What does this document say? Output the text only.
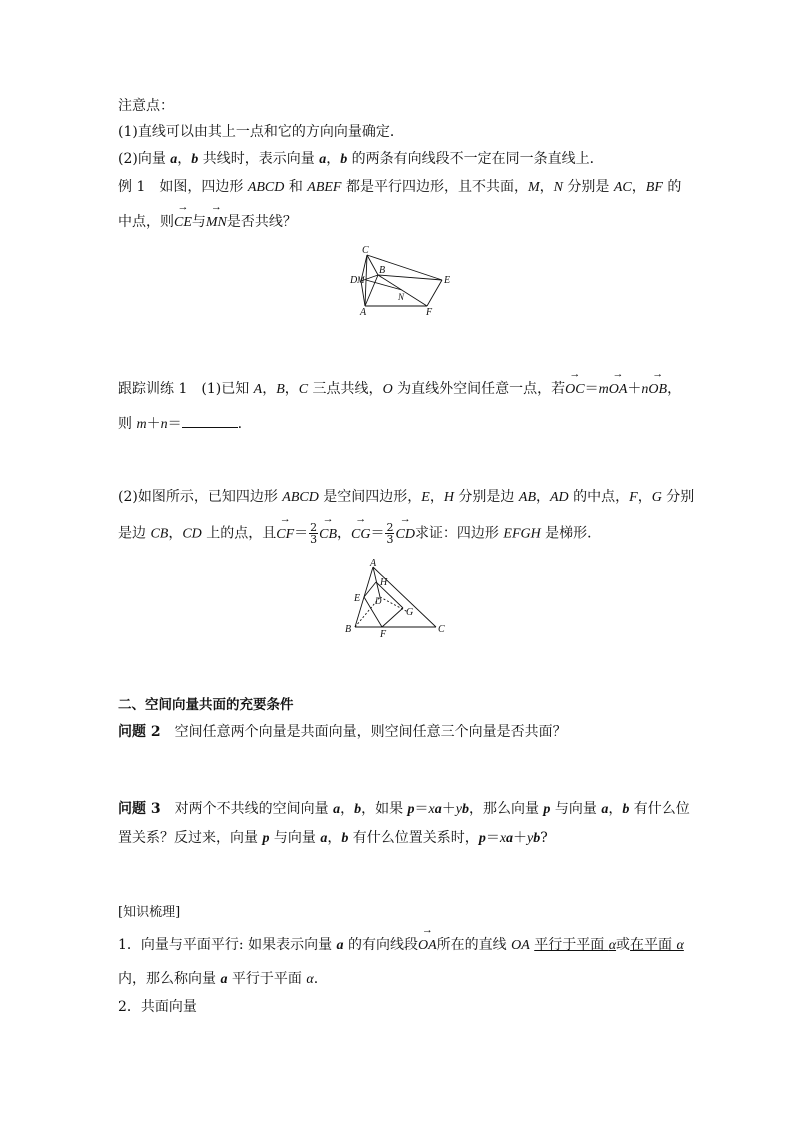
注意点：
(1)直线可以由其上一点和它的方向向量确定．
(2)向量 a，b 共线时，表示向量 a，b 的两条有向线段不一定在同一条直线上．
例 1　如图，四边形 ABCD 和 ABEF 都是平行四边形，且不共面，M，N 分别是 AC，BF 的
中点，则→ CE与→ MN是否共线？
C
D M
B
E
N
A	F
跟踪训练 1　(1)已知 A，B，C 三点共线，O 为直线外空间任意一点，若→ OC＝m→ OA＋n→ OB，
则 m＋n＝	.
(2)如图所示，已知四边形 ABCD 是空间四边形，E，H 分别是边 AB，AD 的中点，F，G 分别
是边 CB，CD 上的点，且→ $CF= \frac{2}{3}$ → CB，→ $CG= \frac{2}{3}$ → CD求证：四边形 EFGH 是梯形．
A
H
E D
G
B	F	C
二、空间向量共面的充要条件
问题 2　空间任意两个向量是共面向量，则空间任意三个向量是否共面？
问题 3　对两个不共线的空间向量 a，b，如果 p＝xa＋yb，那么向量 p 与向量 a，b 有什么位
置关系？反过来，向量 p 与向量 a，b 有什么位置关系时，p＝xa＋yb?
[知识梳理]
1．向量与平面平行: 如果表示向量 a 的有向线段→ OA所在的直线 OA 平行于平面 α或在平面 α
内，那么称向量 a 平行于平面 α.
2．共面向量
